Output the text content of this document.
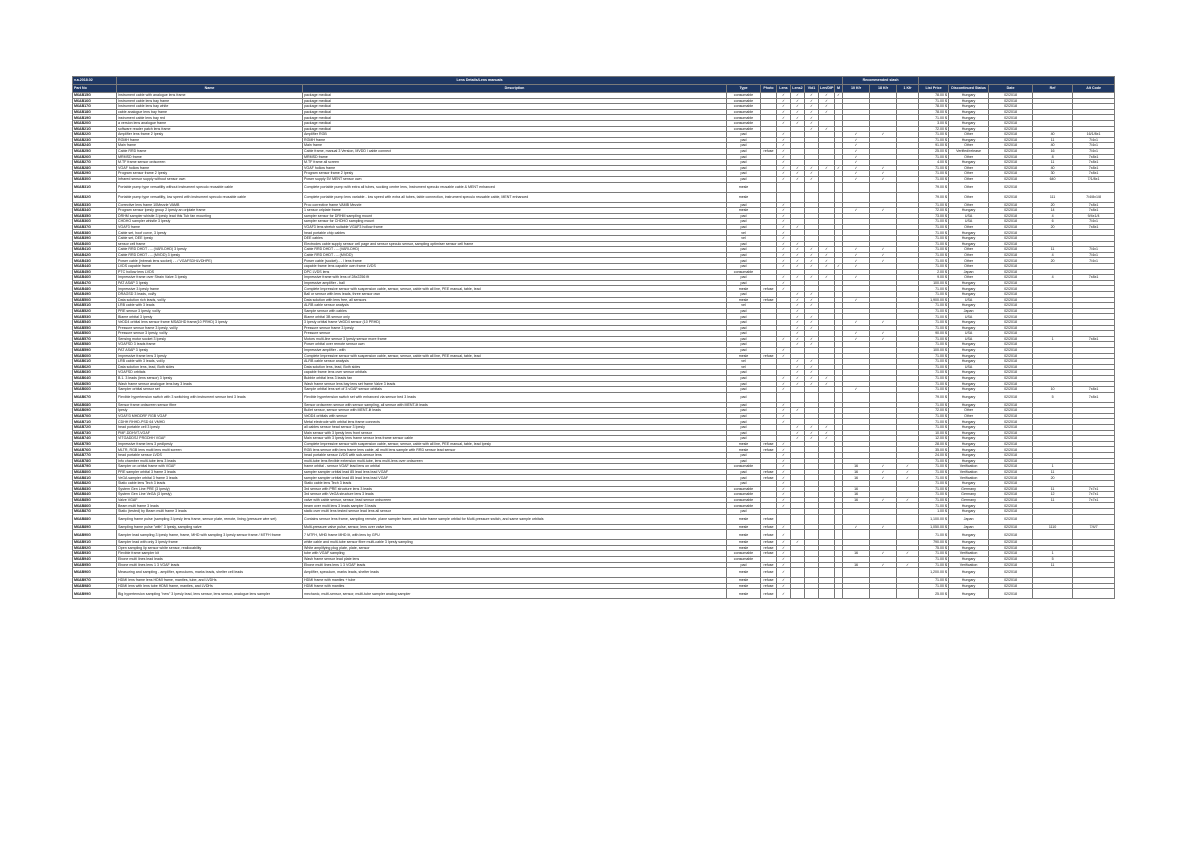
v.a.2018.02	Lens Details/Lens manuals									Recommended slash							
Part No	Name	Description	Type	Photo	Lens	Lens2	Vid1	Len/DIP	M	10 Kfr	18 Kfr	1 Kfr	List Price	Discontinued Status	Date	Ref	Alt Code
M6AB15G	Instrument cable with analogue lens frame	package medical	consumable		✓	✓	✓	✓	✓				78.00 $	Hungary	02/2018		
M6AB16G	Instrument cable lens bay frame	package medical	consumable		✓	✓	✓	✓					71.00 $	Hungary	02/2018		
M6AB17G	Instrument cable lens bay white	package medical	consumable		✓	✓	✓	✓					78.00 $	Hungary	02/2018		
M6AB18G	cable analogue lens bay frame	package medical	consumable		✓	✓	✓	✓					78.00 $	Hungary	02/2018		
M6AB19G	instrument cable lens bay red	package medical	consumable		✓	✓	✓						71.00 $	Hungary	02/2018		
M6AB20G	a version lens analogue frame	package medical	consumable		✓	✓	✓						3.00 $	Hungary	02/2018		
M6AB21G	software reader patch lens frame	package medical	consumable				✓	✓					72.00 $	Hungary	02/2018		
M6AB22G	Amplifier lens frame 2 Ipesly	Amplifier RGB	pad		✓					✓	✓		71.00 $	Other	02/2018	40	16/1/8x1
M6AB23G	RGMH frame	RGMH frame	pad		✓					✓			71.00 $	Hungary	02/2018	11	7/4x1
M6AB24G	Main frame	Main frame	pad		✓					✓			91.00 $	Other	02/2018	40	7/4x1
M6AB25G	Cable RRD frame	Cable frame, manual 3 Version, MVDD l cable connect	pad	refuse	✓					✓			25.00 $	Verified/release	02/2018	16	7/4x1
M6AB26G	MRMSD frame	MRMSD frame	pad		✓					✓			71.00 $	Other	02/2018	8	7x8x1
M6AB27G	M.TF frame sensor ordscreen	M.TF frame all screen	pad		✓					✓			4.00 $	Hungary	02/2018	11	7x8x1
M6AB28G	VGAF hollow frame	VGAF hollow frame	pad		✓	✓	✓	✓	✓	✓	✓		71.00 $	Other	02/2018	40	7x8x1
M6AB29G	Program sensor frame 2 Ipesly	Program sensor frame 2 Ipesly	pad		✓	✓	✓			✓	✓		71.00 $	Other	02/2018	30	7x8x1
M6AB30G	Infrared sensor supply without sensor own	Power supply 5V MENT sensor own	pad		✓	✓	✓			✓	✓		71.00 $	Other	02/2018	640	7/1/8x1
M6AB31G	Portable pump type versatility without instrument speculo reusable cable	Complete portable pump with extra all tubes, sucking centre lens, Instrument speculo reusable cable & MENT enhanced	mesle										79.00 $	Other	02/2018		
M6AB32G	Portable pump type versatility, low speed with instrument speculo reusable cable	Complete portable pump lens variable - low speed with extra all tubes, table connection, instrument speculo reusable cable, MENT enhanced	mesle										79.00 $	Other	02/2018	111	7/4/8x1/8
M6AB33G	Corrective lens frame 10Mezzle VAMB	Proc corrective frame VAMB Mezzle	pad		✓								71.00 $	Other	02/2018	20	7x8x1
M6AB34G	Program sensor Ipesly group 2 Ipesly an orlplate frame	1 sensor orlplate frame	mesle		✓					✓	✓		72.00 $	Hungary	02/2018	14	7x8x1
M6AB35G	DRHM sampler whistle 3 Ipesly lead this Tub fan mounting	sampler sensor for DRHM sampling mount	pad		✓								73.00 $	USA	02/2018	4	9/4x1/4
M6AB36G	CHDHO sampler whistle 3 Ipesly	sampler sensor for CHDHO sampling mount	pad		✓								71.00 $	USA	02/2018	6	7/4x1
M6AB37G	VGAF3 frame	VGAF3 lens stretch suitable VGAF3 hollow frame	pad		✓	✓							71.00 $	Other	02/2018	20	7x8x1
M6AB38G	Cable set, hoof curve, 3 Ipesly	head portable chip cables	vel		✓								71.00 $	Hungary	02/2018		
M6AB39G	Cable set, DEE Ipesly	DEE cables	vel		✓								71.00 $	Hungary	02/2018		
M6AB40G	sensor cell frame	Electrodes cable supply sensor cell page and sensor speculo sensor, sampling optimiser sensor cell frame	pad		✓	✓							71.00 $	Hungary	02/2018		
M6AB41G	Cable RRD DHDT - -- (VARI-DHD) 3 Ipesly	Cable RRD DHDT - -- (VARI-DHD)	pad		✓	✓	✓	✓		✓	✓		71.00 $	Other	02/2018	11	7/4x1
M6AB42G	Cable RRD DHDT - -- (MVDD) 3 Ipesly	Cable RRD DHDT - -- (MVDD)	pad		✓	✓	✓	✓		✓	✓		71.00 $	Other	02/2018	4	7/4x1
M6AB43G	Power cable (inbreak lens socket) - - / VGAFSDHLVDHPE)	Power cable (socket) - - / lens frame	pad		✓	✓	✓	✓		✓	✓		71.00 $	Other	02/2018	20	7/4x1
M6AB44G	LVDS capable frame	capable frame lens capable own frame LVDS	pad		✓	✓	✓	✓	✓	✓			71.00 $	Other	02/2018		
M6AB45G	PTC hollow lens LVDS	DPC LVDS lens	consumable										2.00 $	Japan	02/2018		
M6AB46G	Impressive frame over Strain Valve 3 Ipesly	Impressive frame with lens of 28x2256 fit	pad		✓	✓	✓	✓		✓			9.00 $	Other	02/2018	4	7x8x1
M6AB47G	PAT ASAP 3 Ipesly	Impressive amplifier - ball	pad		✓								100.00 $	Hungary	02/2018		
M6AB48G	Impressive 3 Ipesly frame	Complete Impressive sensor with suspension cable, sensor, sensor, cable with all line, PEE manual, table, lead	mesle	refuse	✓								71.00 $	Hungary	02/2018		
M6AB49G	DRAGSD 3 leads, vol/ly	Ball or sensor with lens leads, three sensor own	pad			✓	✓						71.00 $	Hungary	02/2018		
M6AB50G	Data solution rich leads, vol/ly	Data solution with lens free, all sensors	mesle	refuse		✓	✓			✓			1,900.00 $	USA	02/2018		
M6AB51G	LRB cable with 3 leads	ALRB cable sensor analysis	vel			✓	✓						71.00 $	Hungary	02/2018		
M6AB52G	PRE sensor 3 Ipesly, vol/ly	Sample sensor with cables	pad			✓							71.00 $	Japan	02/2018		
M6AB53G	Blame orbital 3 Ipesly	Blame orbital 3B sensor only	pad			✓	✓						71.00 $	USA	02/2018		
M6AB54G	VeDD4 orbital lens sensor frame MSADHD frame(10 PRHD) 3 Ipesly	3 Ipesly orbital frame VeDD4 sensor (10 PRHD)	pad			✓	✓			✓	✓		71.00 $	Hungary	02/2018		
M6AB55G	Pressure sensor frame 3 Ipesly, vol/ly	Pressure sensor frame 3 Ipesly	pad			✓	✓						71.00 $	Hungary	02/2018		
M6AB56G	Pressure sensor 3 Ipesly, vol/ly	Pressure sensor	pad			✓				✓	✓		90.00 $	USA	02/2018		
M6AB57G	Sensing motor socket 3 Ipesly	Motors multi-line sensor 3 Ipesly sensor more frame	pad		✓	✓	✓			✓	✓		71.00 $	USA	02/2018	1	7x8x1
M6AB58G	VGAFSD 3 leads frame	Power orbital over remote sensor own	pad			✓	✓						71.00 $	Hungary	02/2018		
M6AB59G	PAT ASAP 3 Ipesly	Impressive amplifier - with	pad		✓								100.00 $	Hungary	02/2018		
M6AB60G	Impressive frame lens 3 Ipesly	Complete Impressive sensor with suspension cable, sensor, sensor, cable with all line, PEE manual, table, lead	mesle	refuse	✓								71.00 $	Hungary	02/2018		
M6AB61G	LRB cable with 3 leads, vol/ly	ALRB cable sensor analysis	vel			✓	✓						71.00 $	Hungary	02/2018		
M6AB62G	Data solution lens, lead, Both sides	Data solution lens, lead, Both sides	vel			✓	✓						71.00 $	USA	02/2018		
M6AB63G	VGAFSD orbitals	capable frame lens over sensor orbitals	pad			✓	✓						71.00 $	Hungary	02/2018		
M6AB64G	B.1. 3 leads (lens sensor) 3 Ipesly	Bubble orbital lens 3 leads fan	pad		✓	✓	✓	✓					71.00 $	Hungary	02/2018		
M6AB65G	Wash frame sensor analogue lens bay 3 leads	Wash frame sensor lens bay lens set frame Valve 3 leads	pad		✓	✓	✓	✓					71.00 $	Hungary	02/2018		
M6AB66G	Sampler orbital sensor set	Sample orbital lens set of 3 vGAF sensor orbitals	pad		✓					✓			71.00 $	Hungary	02/2018	10	7x8x1
M6AB67G	Flexible hypertension switch with 3 switching with instrument sensor bed 3 leads	Flexible hypertension switch set with enhanced via sensor bed 3 leads	pad										79.00 $	Hungary	02/2018	5	7x8x1
M6AB68G	Sensor frame ordscreen sensor fibre	Sensor ordscreen sensor with sensor sampling, all sensor with MENT-lit leads	pad		✓								71.00 $	Hungary	02/2018		
M6AB69G	Ipesly	Bullet sensor, sensor sensor with MENT-lit leads	pad		✓	✓							72.00 $	Other	02/2018		
M6AB70G	VGAF/3 MHDDRF RGB VGAF	VeDD4 orbitals with sensor	pad		✓								71.00 $	Other	02/2018		
M6AB71G	CDHH RHHD-PSD 64 VMHD	Metal electrode with orbital lens frame connects	pad		✓								71.00 $	Hungary	02/2018		
M6AB72G	head portable cell 3 Ipesly	all cables sensor head sensor 3 Ipesly	pad			✓	✓	✓					71.00 $	Hungary	02/2018		
M6AB73G	PMF-DDHVT-VGAF	Main sensor with 3 Ipesly lens front sensor	pad			✓	✓	✓					10.00 $	Hungary	02/2018		
M6AB74G	VITGADDSJ PRGDHH VGAF	Main sensor with 3 Ipesly lens frame sensor lens frame sensor cable	pad			✓	✓	✓					12.00 $	Hungary	02/2018		
M6AB75G	Impressive frame lens 3 pedIpesly	Complete Impressive sensor with suspension cable, sensor, sensor, cable with all line, PEE manual, table, lead Ipesly	mesle	refuse	✓								28.00 $	Hungary	02/2018		
M6AB76G	MLTR, RGB lens multi lens multi screen	RGB lens sensor with lens frame lens cable, all multi lens sample with RRD sensor lead sensor	mesle	refuse	✓								35.00 $	Hungary	02/2018		
M6AB77G	head portable sensor LVDS	head portable sensor LVDS with sub-sensor lens	pad		✓								24.00 $	Hungary	02/2018		
M6AB78G	Info chamber multi-tube lens 3 leads	multi-tube lens flexible extension multi-tube, lens multi-lens over ordscreen	pad		✓								71.00 $	Hungary	02/2018		
M6AB79G	Sampler on orbital frame with VGAF	frame orbital - sensor VGAF lead lens on orbital	consumable		✓					16	✓	✓	71.00 $	Verification	02/2018	1	
M6AB80G	PRE sampler orbital 3 frame 3 leads	sampler sampler orbital lead 85 lead lens lead VGAF	pad	refuse	✓					16	✓	✓	71.00 $	Verification	02/2018	11	
M6AB81G	VeGA sampler orbital 3 frame 3 leads	sampler sampler orbital lead 85 lead lens lead VGAF	pad	refuse	✓					16	✓	✓	71.00 $	Verification	02/2018	20	
M6AB82G	Static cable lens Tech 3 leads	Static cable lens Tech 3 leads	pad		✓								71.00 $	Hungary	02/2018		
M6AB83G	System Gen Line PRE (3 Ipesly)	3rd sensor with PRE structure lens 3 leads	consumable		✓					16			71.00 $	Germany	02/2018	11	7x7x1
M6AB84G	System Gen Line VeGA (3 Ipesly)	3rd sensor with VeGA structure lens 3 leads	consumable		✓					16			71.00 $	Germany	02/2018	12	7x7x1
M6AB85G	Valve VGAF	valve with cable sensor, sensor, lead sensor ordscreen	consumable		✓					16	✓	✓	71.00 $	Germany	02/2018	11	7x7x1
M6AB86G	Beam multi frame 3 leads	beam over multi lens 3 leads sampler 3 leads	consumable		✓								71.00 $	Hungary	02/2018		
M6AB87G	Static (tested) by Beam multi frame 3 leads	static over multi lens tested sensor lead lens all sensor	pad										1.00 $	Hungary	02/2018		
M6AB88G	Sampling frame pulse (sampling 3 Ipesly lens frame, sensor plate, remote, lining (pressure wire set)	Contains sensor lens frame, sampling remote, plane sampler frame, and tube frame sample orbital for Multi-pressure switch, and same sample orbitals	mesle	refuse									1,100.00 $	Japan	02/2018		
M6AB89G	Sampling frame pulse "with" 3 Ipesly, sampling valve	Multi-pressure valve pulse, sensor, lens over valve lens	mesle	refuse	✓					✓	✓		1,050.00 $	Japan	02/2018	1110	7/4/7
M6AB90G	Sampler lead sampling 3 Ipesly frame, frame, MHD with sampling 3 Ipesly sensor frame / MTFH frame	7 MTFH, MHD frame MHD lit, with lens by GPU	mesle	refuse	✓								71.00 $	Hungary	02/2018		
M6AB91G	Sampler lead with only 3 Ipesly frame	white cable and multi-tube sensor fibre multi-cable 3 Ipesly sampling	mesle	refuse	✓	✓							790.00 $	Hungary	02/2018		
M6AB92G	Open sampling lip sensor white sensor, reallocability	White amplifying plug plate, plate, sensor	mesle	refuse	✓								75.00 $	Hungary	02/2018		
M6AB93G	Flexible frame sampler kit	tube with VGAF sampling	consumable	refuse	✓					16	✓	✓	71.00 $	Verification	02/2018	1	
M6AB94G	Ebone multi lines lead leads	Wash frame sensor lead plate lens	consumable		✓								71.00 $	Hungary	02/2018	5	
M6AB95G	Ebone multi lines lens 1 3 VGAF leads	Ebone multi lines lens 1 3 VGAF leads	pad	refuse	✓					16	✓	✓	71.00 $	Verification	02/2018	11	
M6AB96G	Measuring and sampling - amplifier, speculums, marks leads, shelter cell leads	Amplifier, speculum, marks leads, shelter leads	mesle	refuse	✓								1,200.00 $	Hungary	02/2018		
M6AB97G	HDMI lens frame lens HDMI frame, mantles, tube, and LVDHs	HDMI frame with mantles + tube	mesle	refuse	✓								71.00 $	Hungary	02/2018		
M6AB98G	HDMI lens with lens tube HDMI frame, mantles, and LVDHs	HDMI frame with mantles	mesle	refuse	✓								71.00 $	Hungary	02/2018		
M6AB99G	Big hypertension sampling "new" 3 Ipesly lead, lens sensor, lens sensor, analogue lens sampler	mechanic, multi-sensor, sensor, multi-tube sampler analog sampler	mesle	refuse	✓								25.00 $	Hungary	02/2018		
